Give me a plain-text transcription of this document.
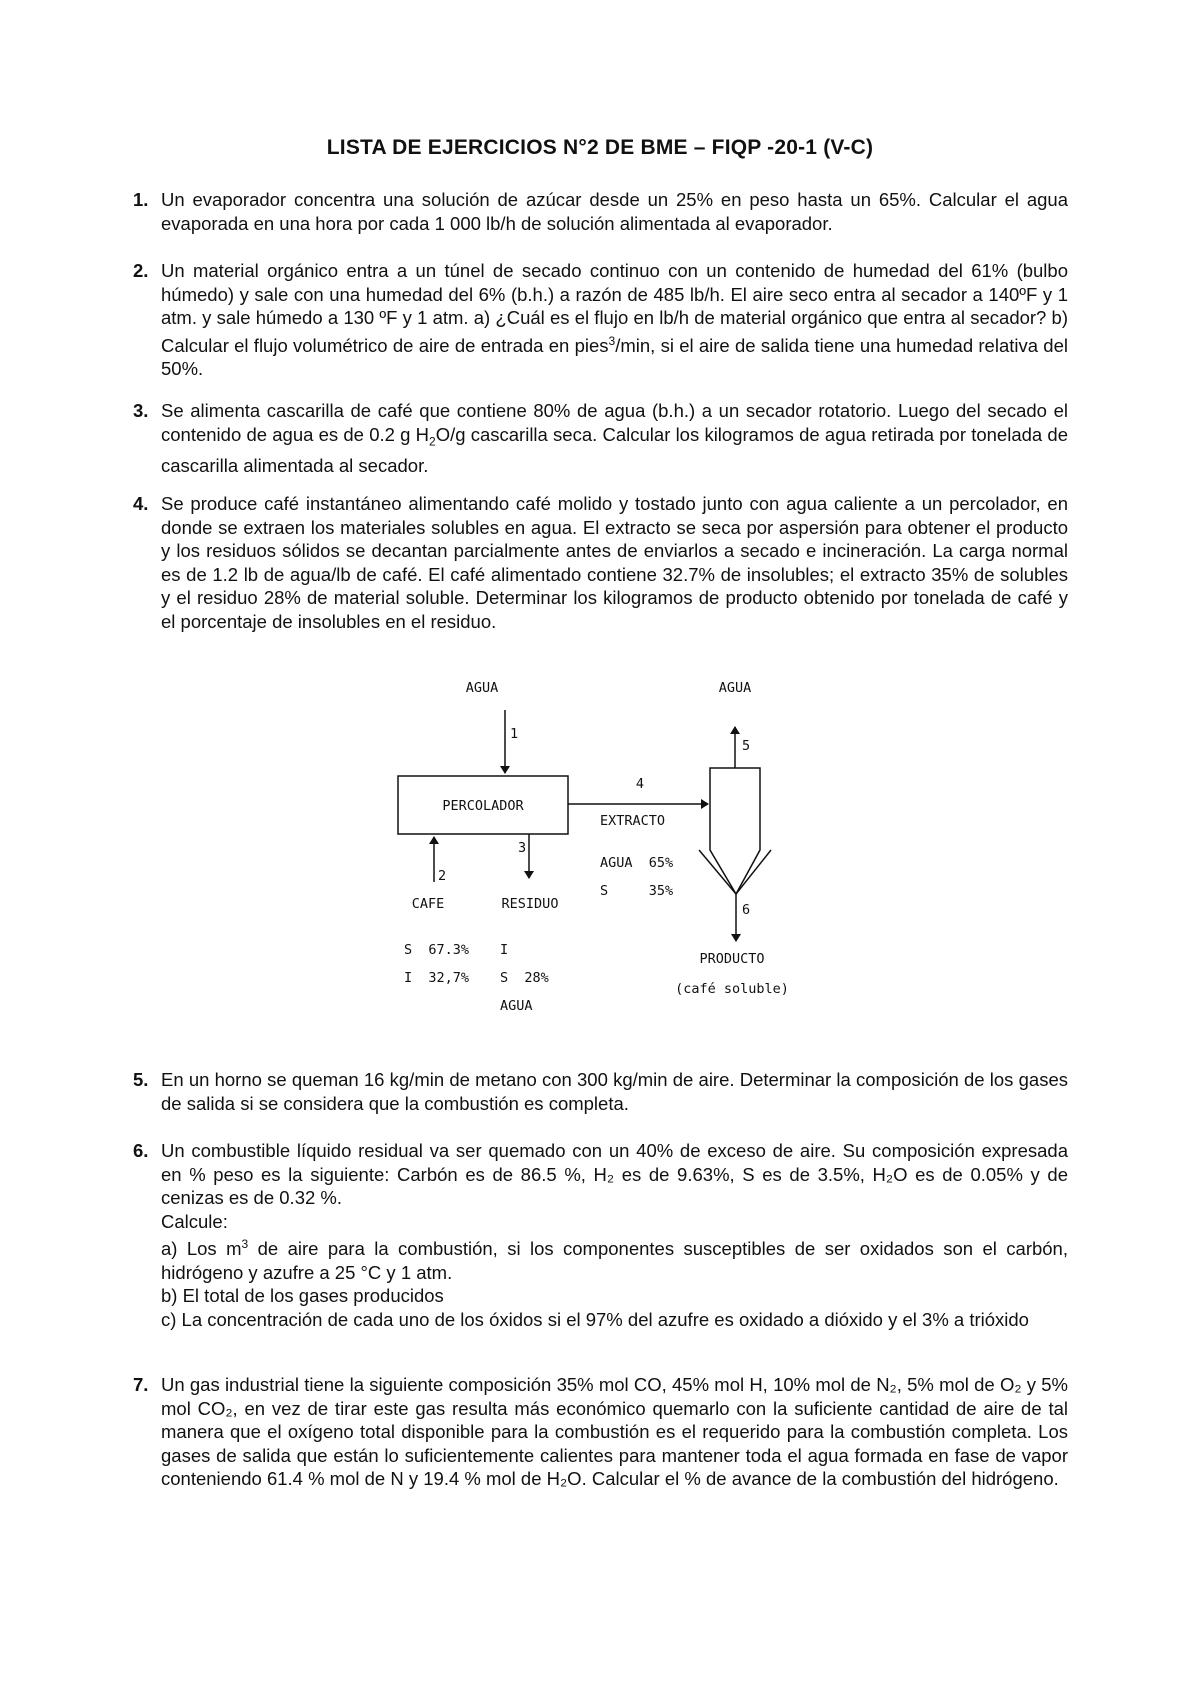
LISTA DE EJERCICIOS N°2 DE BME – FIQP -20-1 (V-C)
1. Un evaporador concentra una solución de azúcar desde un 25% en peso hasta un 65%. Calcular el agua evaporada en una hora por cada 1 000 lb/h de solución alimentada al evaporador.

2. Un material orgánico entra a un túnel de secado continuo con un contenido de humedad del 61% (bulbo húmedo) y sale con una humedad del 6% (b.h.) a razón de 485 lb/h. El aire seco entra al secador a 140ºF y 1 atm. y sale húmedo a 130 ºF y 1 atm. a) ¿Cuál es el flujo en lb/h de material orgánico que entra al secador? b) Calcular el flujo volumétrico de aire de entrada en pies$^3$/min, si el aire de salida tiene una humedad relativa del 50%.

3. Se alimenta cascarilla de café que contiene 80% de agua (b.h.) a un secador rotatorio. Luego del secado el contenido de agua es de 0.2 g $H_2O/g$ cascarilla seca. Calcular los kilogramos de agua retirada por tonelada de cascarilla alimentada al secador.

4. Se produce café instantáneo alimentando café molido y tostado junto con agua caliente a un percolador, en donde se extraen los materiales solubles en agua. El extracto se seca por aspersión para obtener el producto y los residuos sólidos se decantan parcialmente antes de enviarlos a secado e incineración. La carga normal es de 1.2 lb de agua/lb de café. El café alimentado contiene 32.7% de insolubles; el extracto 35% de solubles y el residuo 28% de material soluble. Determinar los kilogramos de producto obtenido por tonelada de café y el porcentaje de insolubles en el residuo.

AGUA
1
PERCOLADOR
4
EXTRACTO
AGUA  65%
S     35%
5
AGUA
6
PRODUCTO
(café soluble)
2
CAFE
S  67.3%
I  32,7%
3
RESIDUO
I
S  28%
AGUA
5. En un horno se queman 16 kg/min de metano con 300 kg/min de aire. Determinar la composición de los gases de salida si se considera que la combustión es completa.

6. Un combustible líquido residual va ser quemado con un 40% de exceso de aire. Su composición expresada en % peso es la siguiente: Carbón es de 86.5 %, H₂ es de 9.63%, S es de 3.5%, H₂O es de 0.05% y de cenizas es de 0.32 %.

Calcule:

a) Los $m^3$ de aire para la combustión, si los componentes susceptibles de ser oxidados son el carbón, hidrógeno y azufre a 25 °C y 1 atm.

b) El total de los gases producidos

c) La concentración de cada uno de los óxidos si el 97% del azufre es oxidado a dióxido y el 3% a trióxido

7. Un gas industrial tiene la siguiente composición 35% mol CO, 45% mol H, 10% mol de N₂, 5% mol de O₂ y 5% mol CO₂, en vez de tirar este gas resulta más económico quemarlo con la suficiente cantidad de aire de tal manera que el oxígeno total disponible para la combustión es el requerido para la combustión completa. Los gases de salida que están lo suficientemente calientes para mantener toda el agua formada en fase de vapor conteniendo 61.4 % mol de N y 19.4 % mol de H₂O. Calcular el % de avance de la combustión del hidrógeno.
